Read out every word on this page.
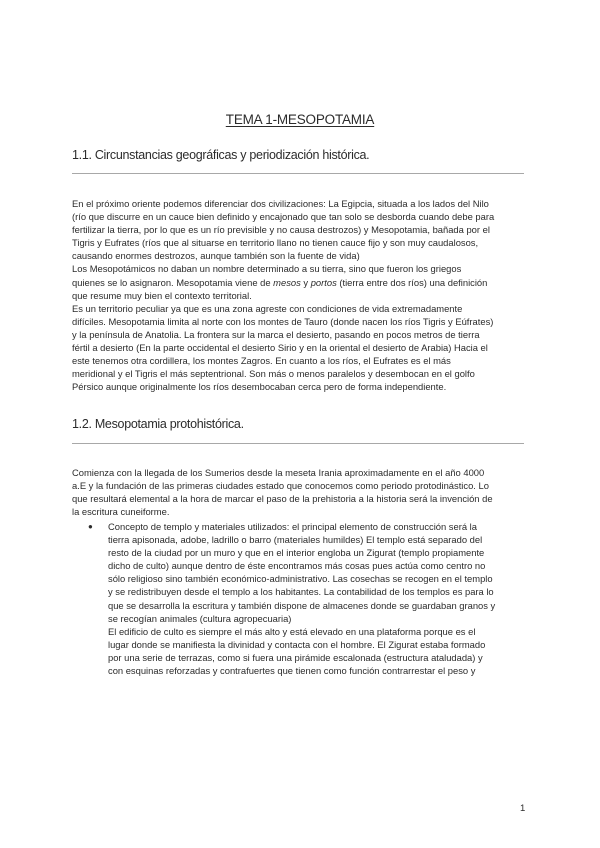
TEMA 1-MESOPOTAMIA
1.1. Circunstancias geográficas y periodización histórica.
En el próximo oriente podemos diferenciar dos civilizaciones: La Egipcia, situada a los lados del Nilo
(río que discurre en un cauce bien definido y encajonado que tan solo se desborda cuando debe para
fertilizar la tierra, por lo que es un río previsible y no causa destrozos) y Mesopotamia, bañada por el
Tigris y Eufrates (ríos que al situarse en territorio llano no tienen cauce fijo y son muy caudalosos,
causando enormes destrozos, aunque también son la fuente de vida)
Los Mesopotámicos no daban un nombre determinado a su tierra, sino que fueron los griegos
quienes se lo asignaron. Mesopotamia viene de mesos y portos (tierra entre dos ríos) una definición
que resume muy bien el contexto territorial.
Es un territorio peculiar ya que es una zona agreste con condiciones de vida extremadamente
difíciles. Mesopotamia limita al norte con los montes de Tauro (donde nacen los ríos Tigris y Eúfrates)
y la península de Anatolia. La frontera sur la marca el desierto, pasando en pocos metros de tierra
fértil a desierto (En la parte occidental el desierto Sirio y en la oriental el desierto de Arabia) Hacia el
este tenemos otra cordillera, los montes Zagros. En cuanto a los ríos, el Eufrates es el más
meridional y el Tigris el más septentrional. Son más o menos paralelos y desembocan en el golfo
Pérsico aunque originalmente los ríos desembocaban cerca pero de forma independiente.
1.2. Mesopotamia protohistórica.
Comienza con la llegada de los Sumerios desde la meseta Irania aproximadamente en el año 4000
a.E y la fundación de las primeras ciudades estado que conocemos como periodo protodinástico. Lo
que resultará elemental a la hora de marcar el paso de la prehistoria a la historia será la invención de
la escritura cuneiforme.
● Concepto de templo y materiales utilizados: el principal elemento de construcción será la
tierra apisonada, adobe, ladrillo o barro (materiales humildes) El templo está separado del
resto de la ciudad por un muro y que en el interior engloba un Zigurat (templo propiamente
dicho de culto) aunque dentro de éste encontramos más cosas pues actúa como centro no
sólo religioso sino también económico-administrativo. Las cosechas se recogen en el templo
y se redistribuyen desde el templo a los habitantes. La contabilidad de los templos es para lo
que se desarrolla la escritura y también dispone de almacenes donde se guardaban granos y
se recogían animales (cultura agropecuaria)
El edificio de culto es siempre el más alto y está elevado en una plataforma porque es el
lugar donde se manifiesta la divinidad y contacta con el hombre. El Zigurat estaba formado
por una serie de terrazas, como si fuera una pirámide escalonada (estructura ataludada) y
con esquinas reforzadas y contrafuertes que tienen como función contrarrestar el peso y
1
